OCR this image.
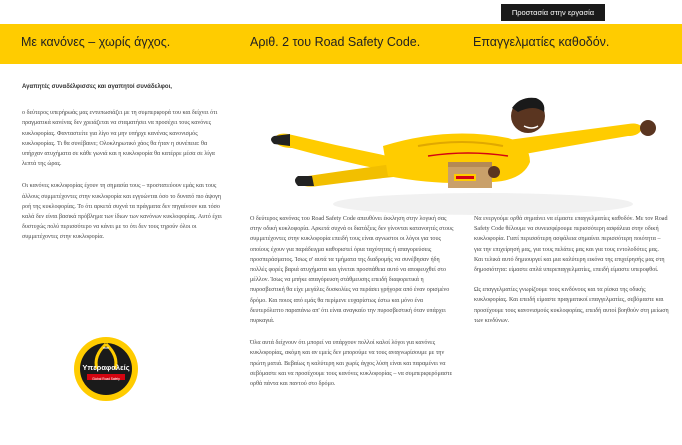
Προστασία στην εργασία
Με κανόνες – χωρίς άγχος.	Αριθ. 2 του Road Safety Code.	Επαγγελματίες καθοδόν.

Αγαπητές συναδέλφισσες και αγαπητοί συνάδελφοι,

ο δεύτερος υπερήρωάς μας εντυπωσιάζει με τη συμπεριφορά του και δείχνει ότι πραγματικά κανένας δεν χρειάζεται να σταματήσει να προσέχει τους κανόνες κυκλοφορίας. Φανταστείτε για λίγο να μην υπήρχε κανένας κανονισμός κυκλοφορίας. Τι θα συνέβαινε; Ολοκληρωτικό χάος θα ήταν η συνέπεια: θα υπήρχαν ατυχήματα σε κάθε γωνιά και η κυκλοφορία θα κατέρρε μέσα σε λίγα λεπτά της ώρας.

Οι κανόνες κυκλοφορίας έχουν τη σημασία τους – προστατεύουν εμάς και τους άλλους συμμετέχοντες στην κυκλοφορία και εγγυώνται όσο το δυνατό πιο άψογη ροή της κυκλοφορίας. Το ότι αρκετά συχνά τα πράγματα δεν πηγαίνουν και τόσο καλά δεν είναι βασικά πρόβλημα των ίδιων των κανόνων κυκλοφορίας. Αυτό έχει δυστυχώς πολύ περισσότερο να κάνει με το ότι δεν τους τηρούν όλοι οι συμμετέχοντες στην κυκλοφορία.

Ο δεύτερος κανόνας του Road Safety Code απευθύνει έκκληση στην λογική σας στην οδική κυκλοφορία. Αρκετά συχνά οι διατάξεις δεν γίνονται κατανοητές στους συμμετέχοντες στην κυκλοφορία επειδή τους είναι αγνωστοι οι λόγοι για τους οποίους έχουν για παράδειγμα καθοριστεί όρια ταχύτητας ή απαγορεύσεις προσπεράσματος. Ίσως σ' αυτά τα τμήματα της διαδρομής να συνέβησαν ήδη πολλές φορές βαριά ατυχήματα και γίνεται προσπάθεια αυτό να αποφευχθεί στο μέλλον. Ίσως να μπήκε απαγόρευση στάθμευσης επειδή διαφορετικά η πυροσβεστική θα είχε μεγάλες δυσκολίες να περάσει γρήγορα από έναν ορισμένο δρόμο. Και ποιος από εμάς θα περίμενε ευχαρίστως έστω και μόνο ένα δευτερόλεπτο παραπάνω απ' ότι είναι αναγκαίο την πυροσβεστική όταν υπάρχει πυρκαγιά.

Όλα αυτά δείχνουν ότι μπορεί να υπάρχουν πολλοί καλοί λόγοι για κανόνες κυκλοφορίας, ακόμη και αν εμείς δεν μπορούμε να τους αναγνωρίσουμε με την πρώτη ματιά. Βεβαίως η καλύτερη και χωρίς άγχος λύση είναι και παραμένει να σεβόμαστε και να προσέχουμε τους κανόνες κυκλοφορίας – να συμπεριφερόμαστε ορθά πάντα και παντού στο δρόμο.

Να ενεργούμε ορθά σημαίνει να είμαστε επαγγελματίες καθοδόν. Με τον Road Safety Code θέλουμε να συνεισφέρουμε περισσότερη ασφάλεια στην οδική κυκλοφορία. Γιατί περισσότερη ασφάλεια σημαίνει περισσότερη ποιότητα – για την επιχείρησή μας, για τους πελάτες μας και για τους εντολοδότες μας. Και τελικά αυτό δημιουργεί και μια καλύτερη εικόνα της επιχείρησής μας στη δημοσιότητα: είμαστε απλά υπερεπαγγελματίες, επειδή είμαστε υπεροφθοί.

Ως επαγγελματίες γνωρίζουμε τους κινδύνους και τα ρίσκα της οδικής κυκλοφορίας. Και επειδή είμαστε πραγματικοί επαγγελματίες, σεβόμαστε και προσέχουμε τους κανονισμούς κυκλοφορίας, επειδή αυτοί βοηθούν στη μείωση των κινδύνων.

Υπεραφαλείς
Global Road Safety
